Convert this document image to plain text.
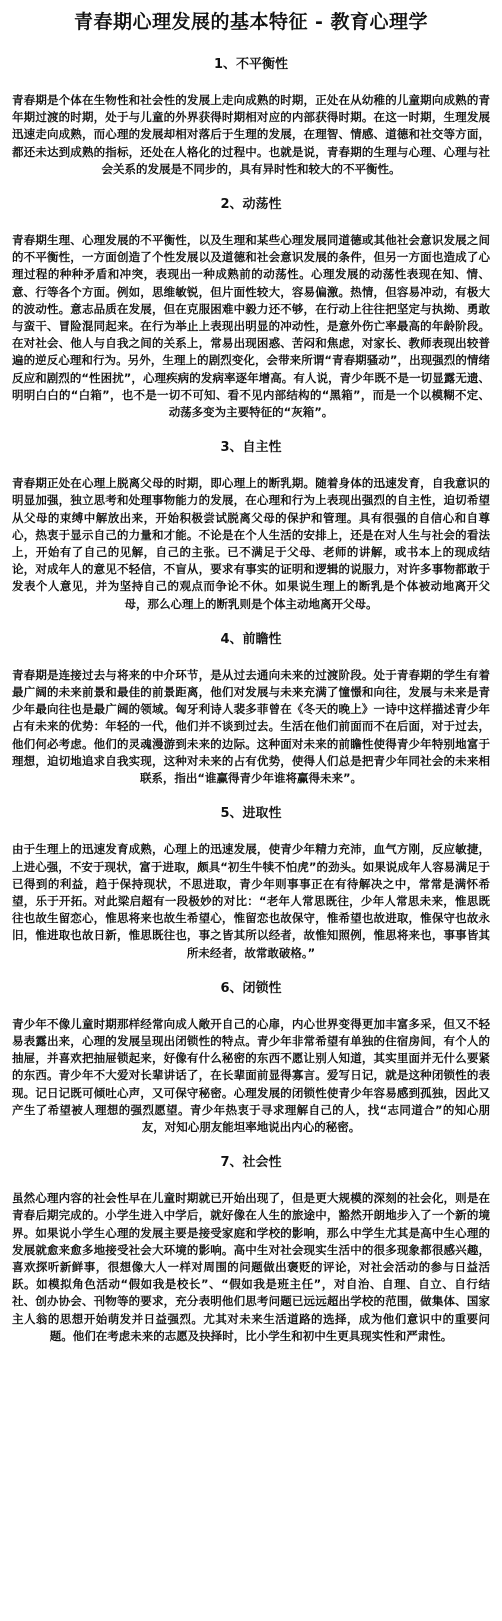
青春期心理发展的基本特征 - 教育心理学
1、不平衡性

青春期是个体在生物性和社会性的发展上走向成熟的时期，正处在从幼稚的儿童期向成熟的青年期过渡的时期，处于与儿童的外界获得时期相对应的内部获得时期。在这一时期，生理发展迅速走向成熟，而心理的发展却相对落后于生理的发展，在理智、情感、道德和社交等方面，都还未达到成熟的指标，还处在人格化的过程中。也就是说，青春期的生理与心理、心理与社会关系的发展是不同步的，具有异时性和较大的不平衡性。

2、动荡性

青春期生理、心理发展的不平衡性，以及生理和某些心理发展同道德或其他社会意识发展之间的不平衡性，一方面创造了个性发展以及道德和社会意识发展的条件，但另一方面也造成了心理过程的种种矛盾和冲突，表现出一种成熟前的动荡性。心理发展的动荡性表现在知、情、意、行等各个方面。例如，思维敏锐，但片面性较大，容易偏激。热情，但容易冲动，有极大的波动性。意志品质在发展，但在克服困难中毅力还不够，在行动上往往把坚定与执拗、勇敢与蛮干、冒险混同起来。在行为举止上表现出明显的冲动性，是意外伤亡率最高的年龄阶段。在对社会、他人与自我之间的关系上，常易出现困惑、苦闷和焦虑，对家长、教师表现出较普遍的逆反心理和行为。另外，生理上的剧烈变化，会带来所谓“青春期骚动”，出现强烈的情绪反应和剧烈的“性困扰”，心理疾病的发病率逐年增高。有人说，青少年既不是一切显露无遗、明明白白的“白箱”，也不是一切不可知、看不见内部结构的“黑箱”，而是一个以模糊不定、动荡多变为主要特征的“灰箱”。

3、自主性

青春期正处在心理上脱离父母的时期，即心理上的断乳期。随着身体的迅速发育，自我意识的明显加强，独立思考和处理事物能力的发展，在心理和行为上表现出强烈的自主性，迫切希望从父母的束缚中解放出来，开始积极尝试脱离父母的保护和管理。具有很强的自信心和自尊心，热衷于显示自己的力量和才能。不论是在个人生活的安排上，还是在对人生与社会的看法上，开始有了自己的见解，自己的主张。已不满足于父母、老师的讲解，或书本上的现成结论，对成年人的意见不轻信，不盲从，要求有事实的证明和逻辑的说服力，对许多事物都敢于发表个人意见，并为坚持自己的观点而争论不休。如果说生理上的断乳是个体被动地离开父母，那么心理上的断乳则是个体主动地离开父母。

4、前瞻性

青春期是连接过去与将来的中介环节，是从过去通向未来的过渡阶段。处于青春期的学生有着最广阔的未来前景和最佳的前景距离，他们对发展与未来充满了憧憬和向往，发展与未来是青少年最向往也是最广阔的领域。匈牙利诗人裴多菲曾在《冬天的晚上》一诗中这样描述青少年占有未来的优势：年轻的一代，他们并不谈到过去。生活在他们前面而不在后面，对于过去，他们何必考虑。他们的灵魂漫游到未来的边际。这种面对未来的前瞻性使得青少年特别地富于理想，迫切地追求自我实现，这种对未来的占有优势，使得人们总是把青少年同社会的未来相联系，指出“谁赢得青少年谁将赢得未来”。

5、进取性

由于生理上的迅速发育成熟，心理上的迅速发展，使青少年精力充沛，血气方刚，反应敏捷，上进心强，不安于现状，富于进取，颇具“初生牛犊不怕虎”的劲头。如果说成年人容易满足于已得到的利益，趋于保持现状，不思进取，青少年则事事正在有待解决之中，常常是满怀希望，乐于开拓。对此梁启超有一段极妙的对比：“老年人常思既往，少年人常思未来，惟思既往也故生留恋心，惟思将来也故生希望心，惟留恋也故保守，惟希望也故进取，惟保守也故永旧，惟进取也故日新，惟思既往也，事之皆其所以经者，故惟知照例，惟思将来也，事事皆其所未经者，故常敢破格。”

6、闭锁性

青少年不像儿童时期那样经常向成人敞开自己的心扉，内心世界变得更加丰富多采，但又不轻易表露出来，心理的发展呈现出闭锁性的特点。青少年非常希望有单独的住宿房间，有个人的抽屉，并喜欢把抽屉锁起来，好像有什么秘密的东西不愿让别人知道，其实里面并无什么要紧的东西。青少年不大爱对长辈讲话了，在长辈面前显得寡言。爱写日记，就是这种闭锁性的表现。记日记既可倾吐心声，又可保守秘密。心理发展的闭锁性使青少年容易感到孤独，因此又产生了希望被人理想的强烈愿望。青少年热衷于寻求理解自己的人，找“志同道合”的知心朋友，对知心朋友能坦率地说出内心的秘密。

7、社会性

虽然心理内容的社会性早在儿童时期就已开始出现了，但是更大规模的深刻的社会化，则是在青春后期完成的。小学生进入中学后，就好像在人生的旅途中，豁然开朗地步入了一个新的境界。如果说小学生心理的发展主要是接受家庭和学校的影响，那么中学生尤其是高中生心理的发展就愈来愈多地接受社会大环境的影响。高中生对社会现实生活中的很多现象都很感兴趣，喜欢探听新鲜事，很想像大人一样对周围的问题做出褒贬的评论，对社会活动的参与日益活跃。如模拟角色活动“假如我是校长”、“假如我是班主任”，对自治、自理、自立、自行结社、创办协会、刊物等的要求，充分表明他们思考问题已远远超出学校的范围，做集体、国家主人翁的思想开始萌发并日益强烈。尤其对未来生活道路的选择，成为他们意识中的重要问题。他们在考虑未来的志愿及抉择时，比小学生和初中生更具现实性和严肃性。
